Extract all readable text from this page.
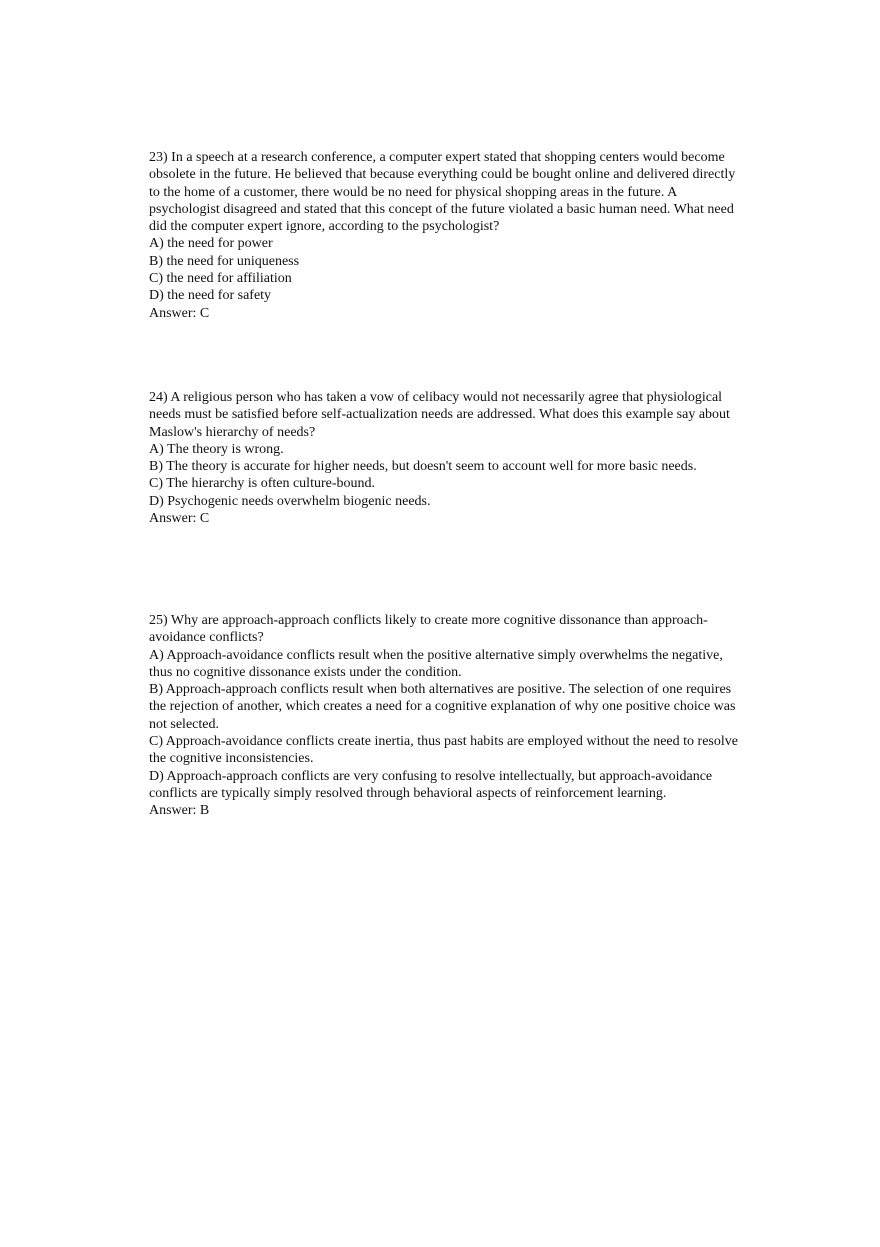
23) In a speech at a research conference, a computer expert stated that shopping centers would become obsolete in the future. He believed that because everything could be bought online and delivered directly to the home of a customer, there would be no need for physical shopping areas in the future. A psychologist disagreed and stated that this concept of the future violated a basic human need. What need did the computer expert ignore, according to the psychologist?

A) the need for power

B) the need for uniqueness

C) the need for affiliation

D) the need for safety

Answer: C

24) A religious person who has taken a vow of celibacy would not necessarily agree that physiological needs must be satisfied before self-actualization needs are addressed. What does this example say about Maslow's hierarchy of needs?

A) The theory is wrong.

B) The theory is accurate for higher needs, but doesn't seem to account well for more basic needs.

C) The hierarchy is often culture-bound.

D) Psychogenic needs overwhelm biogenic needs.

Answer: C

25) Why are approach-approach conflicts likely to create more cognitive dissonance than approach-avoidance conflicts?

A) Approach-avoidance conflicts result when the positive alternative simply overwhelms the negative, thus no cognitive dissonance exists under the condition.

B) Approach-approach conflicts result when both alternatives are positive. The selection of one requires the rejection of another, which creates a need for a cognitive explanation of why one positive choice was not selected.

C) Approach-avoidance conflicts create inertia, thus past habits are employed without the need to resolve the cognitive inconsistencies.

D) Approach-approach conflicts are very confusing to resolve intellectually, but approach-avoidance conflicts are typically simply resolved through behavioral aspects of reinforcement learning.

Answer: B
